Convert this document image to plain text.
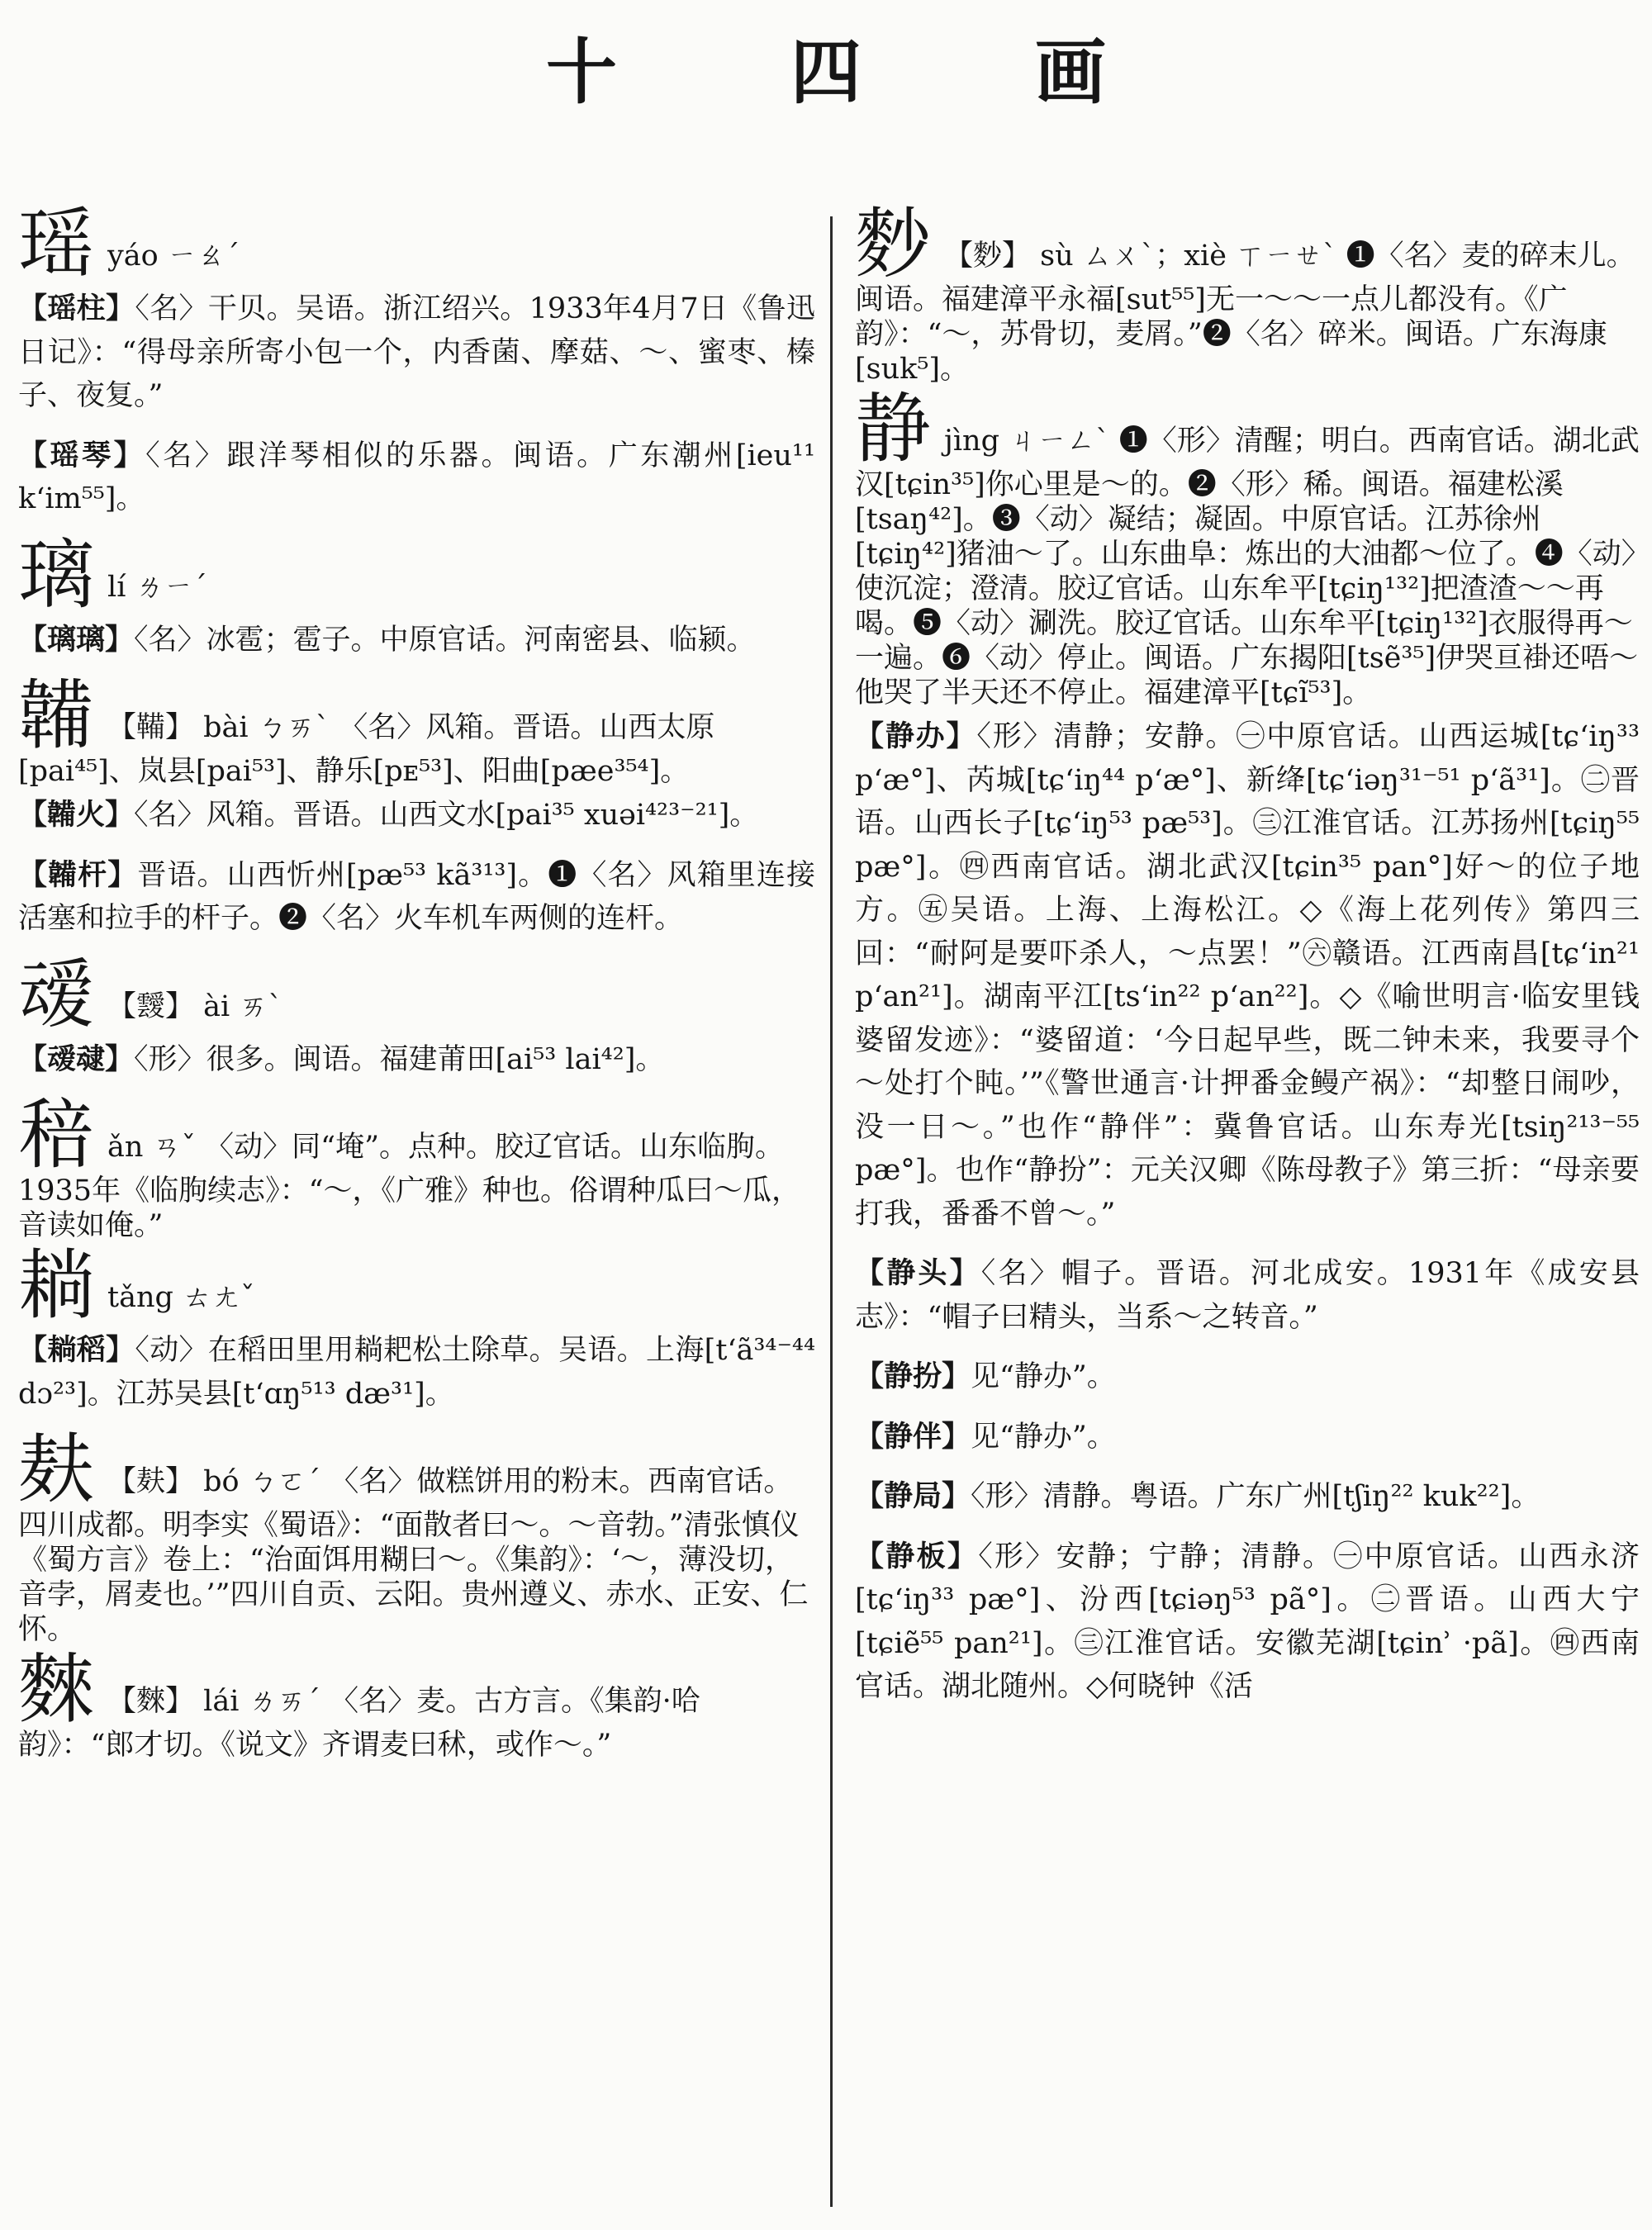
十 四 画

瑶yáo ㄧㄠˊ

【瑶柱】〈名〉干贝。吴语。浙江绍兴。1933年4月7日《鲁迅日记》：“得母亲所寄小包一个，内香菌、摩菇、～、蜜枣、榛子、夜复。”

【瑶琴】〈名〉跟洋琴相似的乐器。闽语。广东潮州[ieu¹¹ kʻim⁵⁵]。

璃lí ㄌㄧˊ

【璃璃】〈名〉冰雹；雹子。中原官话。河南密县、临颍。

韛 【鞴】 bài ㄅㄞˋ 〈名〉风箱。晋语。山西太原[pai⁴⁵]、岚县[pai⁵³]、静乐[pᴇ⁵³]、阳曲[pæe³⁵⁴]。

【韛火】〈名〉风箱。晋语。山西文水[pai³⁵ xuəi⁴²³⁻²¹]。

【韛杆】晋语。山西忻州[pæ⁵³ kã³¹³]。❶〈名〉风箱里连接活塞和拉手的杆子。❷〈名〉火车机车两侧的连杆。

叆 【靉】 ài ㄞˋ

【叆叇】〈形〉很多。闽语。福建莆田[ai⁵³ lai⁴²]。

稖ǎn ㄢˇ 〈动〉同“埯”。点种。胶辽官话。山东临朐。1935年《临朐续志》：“～，《广雅》种也。俗谓种瓜曰～瓜，音读如俺。”

耥tǎng ㄊㄤˇ

【耥稻】〈动〉在稻田里用耥耙松土除草。吴语。上海[tʻã³⁴⁻⁴⁴ dɔ²³]。江苏吴县[tʻɑŋ⁵¹³ dæ³¹]。

麸 【麸】 bó ㄅㄛˊ 〈名〉做糕饼用的粉末。西南官话。四川成都。明李实《蜀语》：“面散者曰～。～音勃。”清张慎仪《蜀方言》卷上：“治面饵用糊曰～。《集韵》：‘～，薄没切，音孛，屑麦也。’”四川自贡、云阳。贵州遵义、赤水、正安、仁怀。

麳 【麳】 lái ㄌㄞˊ 〈名〉麦。古方言。《集韵·哈韵》：“郎才切。《说文》齐谓麦曰秫，或作～。”

麨 【麨】 sù ㄙㄨˋ；xiè ㄒㄧㄝˋ ❶〈名〉麦的碎末儿。闽语。福建漳平永福[sut⁵⁵]无一～～一点儿都没有。《广韵》：“～，苏骨切，麦屑。”❷〈名〉碎米。闽语。广东海康[suk⁵]。

静jìng ㄐㄧㄥˋ ❶〈形〉清醒；明白。西南官话。湖北武汉[tɕin³⁵]你心里是～的。❷〈形〉稀。闽语。福建松溪[tsaŋ⁴²]。❸〈动〉凝结；凝固。中原官话。江苏徐州[tɕiŋ⁴²]猪油～了。山东曲阜：炼出的大油都～位了。❹〈动〉使沉淀；澄清。胶辽官话。山东牟平[tɕiŋ¹³²]把渣渣～～再喝。❺〈动〉涮洗。胶辽官话。山东牟平[tɕiŋ¹³²]衣服得再～一遍。❻〈动〉停止。闽语。广东揭阳[tsẽ³⁵]伊哭亘褂还唔～他哭了半天还不停止。福建漳平[tɕĩ⁵³]。

【静办】〈形〉清静；安静。㊀中原官话。山西运城[tɕʻiŋ³³ pʻæ°]、芮城[tɕʻiŋ⁴⁴ pʻæ°]、新绛[tɕʻiəŋ³¹⁻⁵¹ pʻã³¹]。㊁晋语。山西长子[tɕʻiŋ⁵³ pæ⁵³]。㊂江淮官话。江苏扬州[tɕiŋ⁵⁵ pæ°]。㊃西南官话。湖北武汉[tɕin³⁵ pan°]好～的位子地方。㊄吴语。上海、上海松江。◇《海上花列传》第四三回：“耐阿是要吓杀人，～点罢！”㊅赣语。江西南昌[tɕʻin²¹ pʻan²¹]。湖南平江[tsʻin²² pʻan²²]。◇《喻世明言·临安里钱婆留发迹》：“婆留道：‘今日起早些，既二钟未来，我要寻个～处打个盹。’”《警世通言·计押番金鳗产祸》：“却整日闹吵，没一日～。”也作“静伴”：冀鲁官话。山东寿光[tsiŋ²¹³⁻⁵⁵ pæ°]。也作“静扮”：元关汉卿《陈母教子》第三折：“母亲要打我，番番不曾～。”

【静头】〈名〉帽子。晋语。河北成安。1931年《成安县志》：“帽子曰精头，当系～之转音。”

【静扮】见“静办”。

【静伴】见“静办”。

【静局】〈形〉清静。粤语。广东广州[tʃiŋ²² kuk²²]。

【静板】〈形〉安静；宁静；清静。㊀中原官话。山西永济[tɕʻiŋ³³ pæ°]、汾西[tɕiəŋ⁵³ pã°]。㊁晋语。山西大宁[tɕiẽ⁵⁵ pan²¹]。㊂江淮官话。安徽芜湖[tɕinʾ ·pã]。㊃西南官话。湖北随州。◇何晓钟《活
